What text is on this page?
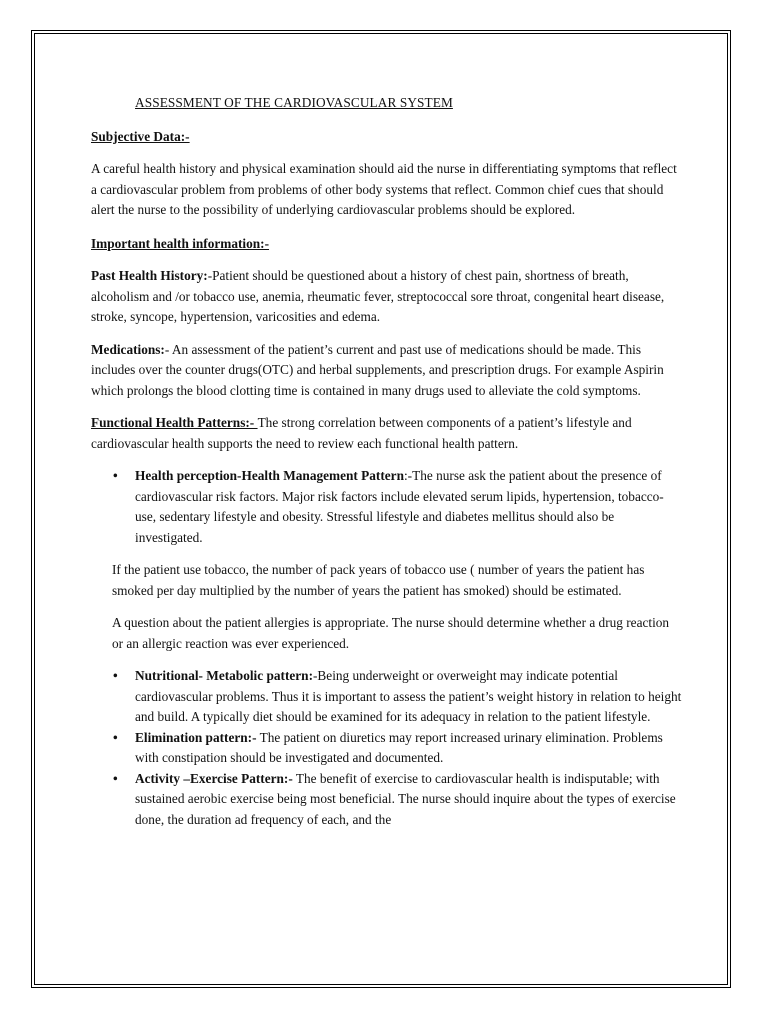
ASSESSMENT OF THE CARDIOVASCULAR SYSTEM

Subjective Data:-

A careful health history and physical examination should aid the nurse in differentiating symptoms that reflect a cardiovascular problem from problems of other body systems that reflect. Common chief cues that should alert the nurse to the possibility of underlying cardiovascular problems should be explored.

Important health information:-

Past Health History:-Patient should be questioned about a history of chest pain, shortness of breath, alcoholism and /or tobacco use, anemia, rheumatic fever, streptococcal sore throat, congenital heart disease, stroke, syncope, hypertension, varicosities and edema.

Medications:- An assessment of the patient’s current and past use of medications should be made. This includes over the counter drugs(OTC) and herbal supplements, and prescription drugs. For example Aspirin which prolongs the blood clotting time is contained in many drugs used to alleviate the cold symptoms.

Functional Health Patterns:- The strong correlation between components of a patient’s lifestyle and cardiovascular health supports the need to review each functional health pattern.

• Health perception-Health Management Pattern:-The nurse ask the patient about the presence of cardiovascular risk factors. Major risk factors include elevated serum lipids, hypertension, tobacco-use, sedentary lifestyle and obesity. Stressful lifestyle and diabetes mellitus should also be investigated.

If the patient use tobacco, the number of pack years of tobacco use ( number of years the patient has smoked per day multiplied by the number of years the patient has smoked) should be estimated.

A question about the patient allergies is appropriate. The nurse should determine whether a drug reaction or an allergic reaction was ever experienced.

• Nutritional- Metabolic pattern:-Being underweight or overweight may indicate potential cardiovascular problems. Thus it is important to assess the patient’s weight history in relation to height and build. A typically diet should be examined for its adequacy in relation to the patient lifestyle.
• Elimination pattern:- The patient on diuretics may report increased urinary elimination. Problems with constipation should be investigated and documented.
• Activity –Exercise Pattern:- The benefit of exercise to cardiovascular health is indisputable; with sustained aerobic exercise being most beneficial. The nurse should inquire about the types of exercise done, the duration ad frequency of each, and the
